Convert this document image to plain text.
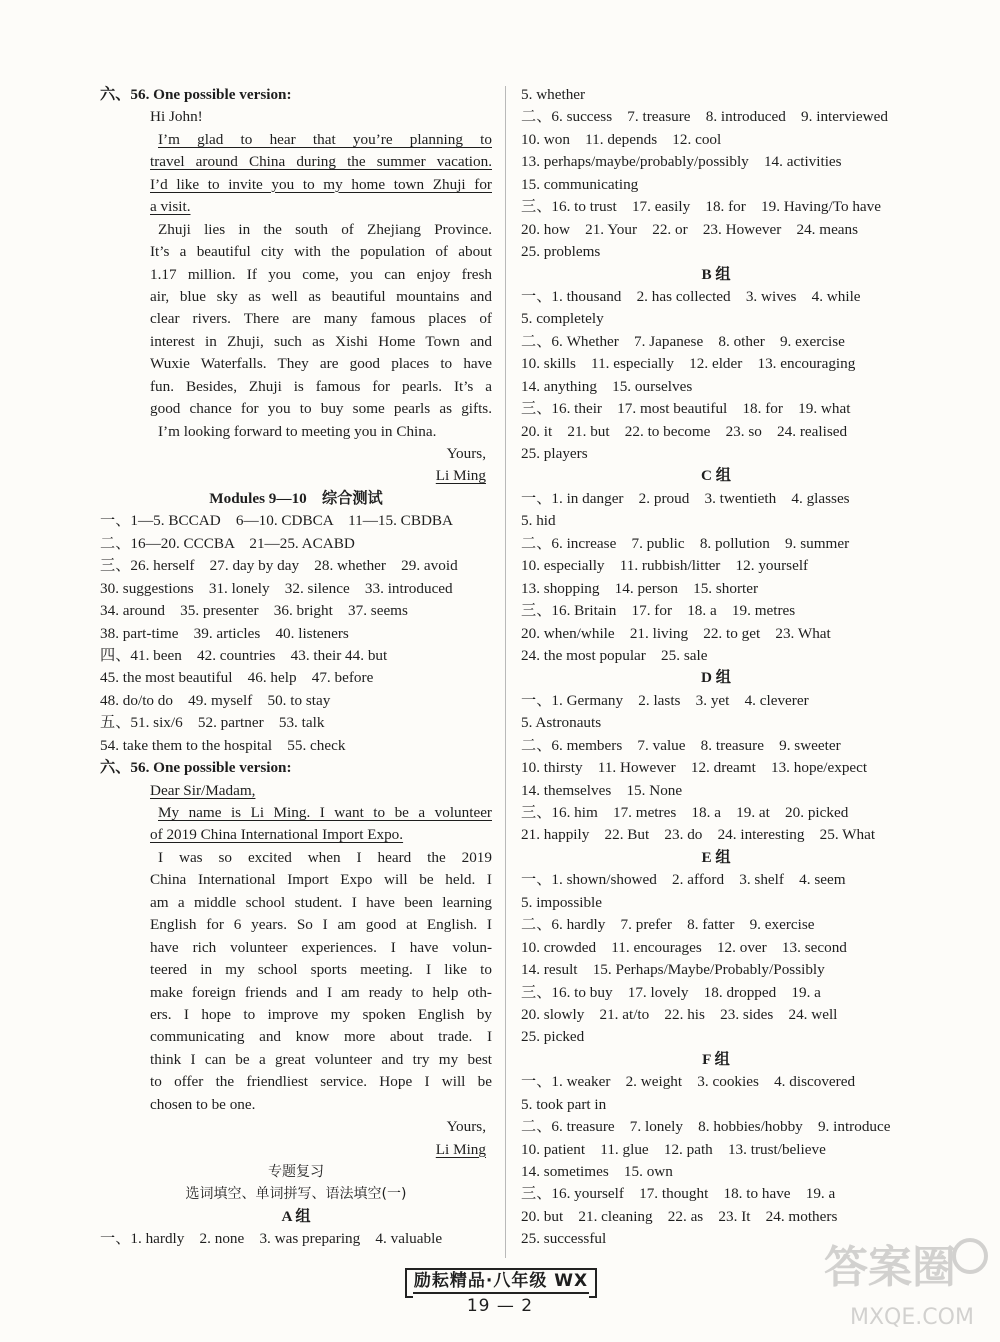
六、56. One possible version:
Hi John!
I’m glad to hear that you’re planning to
travel around China during the summer vacation.
I’d like to invite you to my home town Zhuji for
a visit.
Zhuji lies in the south of Zhejiang Province.
It’s a beautiful city with the population of about
1.17 million. If you come, you can enjoy fresh
air, blue sky as well as beautiful mountains and
clear rivers. There are many famous places of
interest in Zhuji, such as Xishi Home Town and
Wuxie Waterfalls. They are good places to have
fun. Besides, Zhuji is famous for pearls. It’s a
good chance for you to buy some pearls as gifts.
I’m looking forward to meeting you in China.
Yours,
Li Ming
Modules 9—10　综合测试
一、1—5. BCCAD　6—10. CDBCA　11—15. CBDBA
二、16—20. CCCBA　21—25. ACABD
三、26. herself　27. day by day　28. whether　29. avoid
30. suggestions　31. lonely　32. silence　33. introduced
34. around　35. presenter　36. bright　37. seems
38. part-time　39. articles　40. listeners
四、41. been　42. countries　43. their 44. but
45. the most beautiful　46. help　47. before
48. do/to do　49. myself　50. to stay
五、51. six/6　52. partner　53. talk
54. take them to the hospital　55. check
六、56. One possible version:
Dear Sir/Madam,
My name is Li Ming. I want to be a volunteer
of 2019 China International Import Expo.
I was so excited when I heard the 2019
China International Import Expo will be held. I
am a middle school student. I have been learning
English for 6 years. So I am good at English. I
have rich volunteer experiences. I have volun-
teered in my school sports meeting. I like to
make foreign friends and I am ready to help oth-
ers. I hope to improve my spoken English by
communicating and know more about trade. I
think I can be a great volunteer and try my best
to offer the friendliest service. Hope I will be
chosen to be one.
Yours,
Li Ming
专题复习
选词填空、单词拼写、语法填空(一)
A 组
一、1. hardly　2. none　3. was preparing　4. valuable
5. whether
二、6. success　7. treasure　8. introduced　9. interviewed
10. won　11. depends　12. cool
13. perhaps/maybe/probably/possibly　14. activities
15. communicating
三、16. to trust　17. easily　18. for　19. Having/To have
20. how　21. Your　22. or　23. However　24. means
25. problems
B 组
一、1. thousand　2. has collected　3. wives　4. while
5. completely
二、6. Whether　7. Japanese　8. other　9. exercise
10. skills　11. especially　12. elder　13. encouraging
14. anything　15. ourselves
三、16. their　17. most beautiful　18. for　19. what
20. it　21. but　22. to become　23. so　24. realised
25. players
C 组
一、1. in danger　2. proud　3. twentieth　4. glasses
5. hid
二、6. increase　7. public　8. pollution　9. summer
10. especially　11. rubbish/litter　12. yourself
13. shopping　14. person　15. shorter
三、16. Britain　17. for　18. a　19. metres
20. when/while　21. living　22. to get　23. What
24. the most popular　25. sale
D 组
一、1. Germany　2. lasts　3. yet　4. cleverer
5. Astronauts
二、6. members　7. value　8. treasure　9. sweeter
10. thirsty　11. However　12. dreamt　13. hope/expect
14. themselves　15. None
三、16. him　17. metres　18. a　19. at　20. picked
21. happily　22. But　23. do　24. interesting　25. What
E 组
一、1. shown/showed　2. afford　3. shelf　4. seem
5. impossible
二、6. hardly　7. prefer　8. fatter　9. exercise
10. crowded　11. encourages　12. over　13. second
14. result　15. Perhaps/Maybe/Probably/Possibly
三、16. to buy　17. lovely　18. dropped　19. a
20. slowly　21. at/to　22. his　23. sides　24. well
25. picked
F 组
一、1. weaker　2. weight　3. cookies　4. discovered
5. took part in
二、6. treasure　7. lonely　8. hobbies/hobby　9. introduce
10. patient　11. glue　12. path　13. trust/believe
14. sometimes　15. own
三、16. yourself　17. thought　18. to have　19. a
20. but　21. cleaning　22. as　23. It　24. mothers
25. successful
励耘精品·八年级 WX
19 — 2
答案圈
MXQE.COM
